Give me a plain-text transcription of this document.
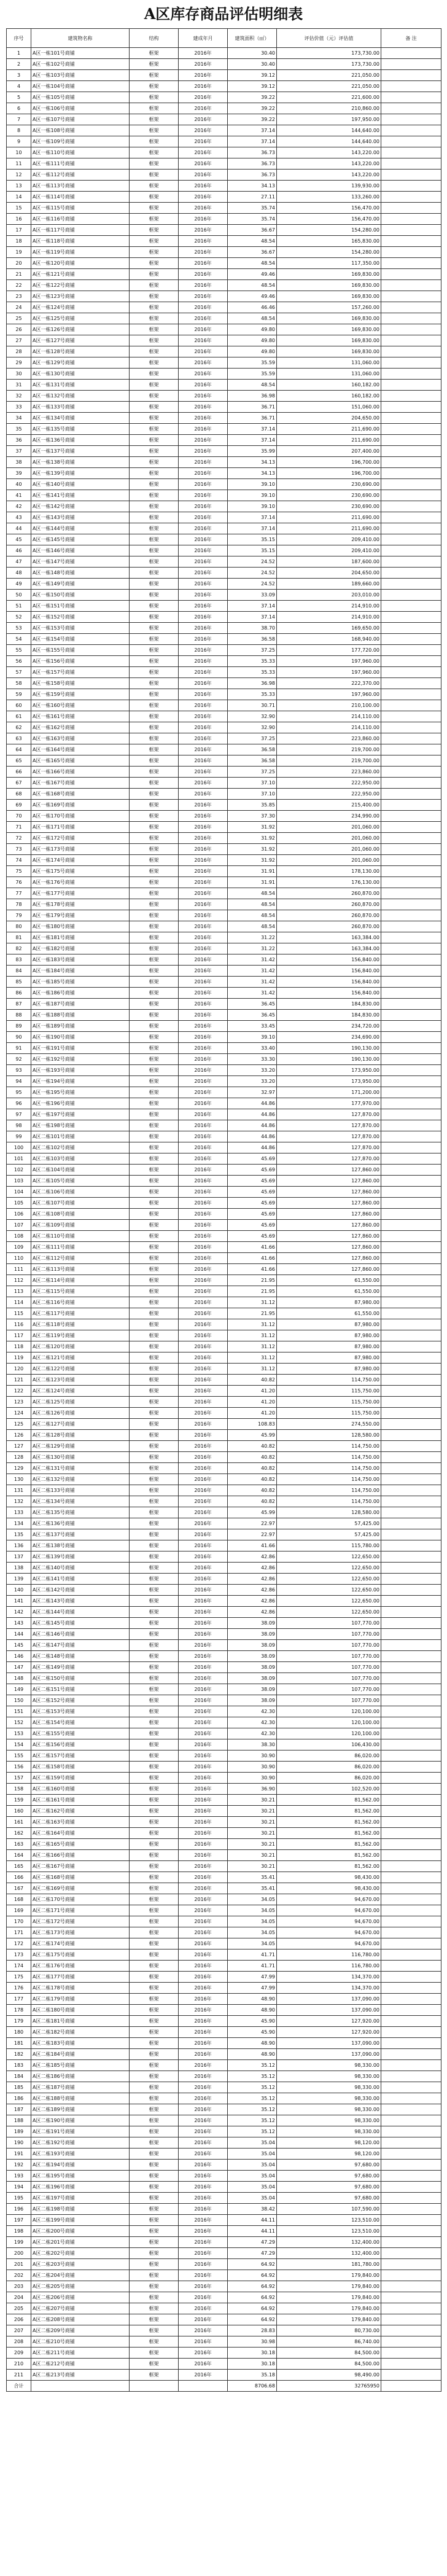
A区库存商品评估明细表
序号	建筑物名称	结构	建成年月	建筑面积（㎡）	评估价值（元）评估值	备 注
1	A区一栋101号商铺	框架	2016年	30.40	173,730.00	
2	A区一栋102号商铺	框架	2016年	30.40	173,730.00	
3	A区一栋103号商铺	框架	2016年	39.12	221,050.00	
4	A区一栋104号商铺	框架	2016年	39.12	221,050.00	
5	A区一栋105号商铺	框架	2016年	39.22	221,600.00	
6	A区一栋106号商铺	框架	2016年	39.22	210,860.00	
7	A区一栋107号商铺	框架	2016年	39.22	197,950.00	
8	A区一栋108号商铺	框架	2016年	37.14	144,640.00	
9	A区一栋109号商铺	框架	2016年	37.14	144,640.00	
10	A区一栋110号商铺	框架	2016年	36.73	143,220.00	
11	A区一栋111号商铺	框架	2016年	36.73	143,220.00	
12	A区一栋112号商铺	框架	2016年	36.73	143,220.00	
13	A区一栋113号商铺	框架	2016年	34.13	139,930.00	
14	A区一栋114号商铺	框架	2016年	27.11	133,260.00	
15	A区一栋115号商铺	框架	2016年	35.74	156,470.00	
16	A区一栋116号商铺	框架	2016年	35.74	156,470.00	
17	A区一栋117号商铺	框架	2016年	36.67	154,280.00	
18	A区一栋118号商铺	框架	2016年	48.54	165,830.00	
19	A区一栋119号商铺	框架	2016年	36.67	154,280.00	
20	A区一栋120号商铺	框架	2016年	48.54	117,350.00	
21	A区一栋121号商铺	框架	2016年	49.46	169,830.00	
22	A区一栋122号商铺	框架	2016年	48.54	169,830.00	
23	A区一栋123号商铺	框架	2016年	49.46	169,830.00	
24	A区一栋124号商铺	框架	2016年	46.46	157,260.00	
25	A区一栋125号商铺	框架	2016年	48.54	169,830.00	
26	A区一栋126号商铺	框架	2016年	49.80	169,830.00	
27	A区一栋127号商铺	框架	2016年	49.80	169,830.00	
28	A区一栋128号商铺	框架	2016年	49.80	169,830.00	
29	A区一栋129号商铺	框架	2016年	35.59	131,060.00	
30	A区一栋130号商铺	框架	2016年	35.59	131,060.00	
31	A区一栋131号商铺	框架	2016年	48.54	160,182.00	
32	A区一栋132号商铺	框架	2016年	36.98	160,182.00	
33	A区一栋133号商铺	框架	2016年	36.71	151,060.00	
34	A区一栋134号商铺	框架	2016年	36.71	204,650.00	
35	A区一栋135号商铺	框架	2016年	37.14	211,690.00	
36	A区一栋136号商铺	框架	2016年	37.14	211,690.00	
37	A区一栋137号商铺	框架	2016年	35.99	207,400.00	
38	A区一栋138号商铺	框架	2016年	34.13	196,700.00	
39	A区一栋139号商铺	框架	2016年	34.13	196,700.00	
40	A区一栋140号商铺	框架	2016年	39.10	230,690.00	
41	A区一栋141号商铺	框架	2016年	39.10	230,690.00	
42	A区一栋142号商铺	框架	2016年	39.10	230,690.00	
43	A区一栋143号商铺	框架	2016年	37.14	211,690.00	
44	A区一栋144号商铺	框架	2016年	37.14	211,690.00	
45	A区一栋145号商铺	框架	2016年	35.15	209,410.00	
46	A区一栋146号商铺	框架	2016年	35.15	209,410.00	
47	A区一栋147号商铺	框架	2016年	24.52	187,600.00	
48	A区一栋148号商铺	框架	2016年	24.52	204,650.00	
49	A区一栋149号商铺	框架	2016年	24.52	189,660.00	
50	A区一栋150号商铺	框架	2016年	33.09	203,010.00	
51	A区一栋151号商铺	框架	2016年	37.14	214,910.00	
52	A区一栋152号商铺	框架	2016年	37.14	214,910.00	
53	A区一栋153号商铺	框架	2016年	38.70	169,650.00	
54	A区一栋154号商铺	框架	2016年	36.58	168,940.00	
55	A区一栋155号商铺	框架	2016年	37.25	177,720.00	
56	A区一栋156号商铺	框架	2016年	35.33	197,960.00	
57	A区一栋157号商铺	框架	2016年	35.33	197,960.00	
58	A区一栋158号商铺	框架	2016年	36.98	222,370.00	
59	A区一栋159号商铺	框架	2016年	35.33	197,960.00	
60	A区一栋160号商铺	框架	2016年	30.71	210,100.00	
61	A区一栋161号商铺	框架	2016年	32.90	214,110.00	
62	A区一栋162号商铺	框架	2016年	32.90	214,110.00	
63	A区一栋163号商铺	框架	2016年	37.25	223,860.00	
64	A区一栋164号商铺	框架	2016年	36.58	219,700.00	
65	A区一栋165号商铺	框架	2016年	36.58	219,700.00	
66	A区一栋166号商铺	框架	2016年	37.25	223,860.00	
67	A区一栋167号商铺	框架	2016年	37.10	222,950.00	
68	A区一栋168号商铺	框架	2016年	37.10	222,950.00	
69	A区一栋169号商铺	框架	2016年	35.85	215,400.00	
70	A区一栋170号商铺	框架	2016年	37.30	234,990.00	
71	A区一栋171号商铺	框架	2016年	31.92	201,060.00	
72	A区一栋172号商铺	框架	2016年	31.92	201,060.00	
73	A区一栋173号商铺	框架	2016年	31.92	201,060.00	
74	A区一栋174号商铺	框架	2016年	31.92	201,060.00	
75	A区一栋175号商铺	框架	2016年	31.91	178,130.00	
76	A区一栋176号商铺	框架	2016年	31.91	176,130.00	
77	A区一栋177号商铺	框架	2016年	48.54	260,870.00	
78	A区一栋178号商铺	框架	2016年	48.54	260,870.00	
79	A区一栋179号商铺	框架	2016年	48.54	260,870.00	
80	A区一栋180号商铺	框架	2016年	48.54	260,870.00	
81	A区一栋181号商铺	框架	2016年	31.22	163,384.00	
82	A区一栋182号商铺	框架	2016年	31.22	163,384.00	
83	A区一栋183号商铺	框架	2016年	31.42	156,840.00	
84	A区一栋184号商铺	框架	2016年	31.42	156,840.00	
85	A区一栋185号商铺	框架	2016年	31.42	156,840.00	
86	A区一栋186号商铺	框架	2016年	31.42	156,840.00	
87	A区一栋187号商铺	框架	2016年	36.45	184,830.00	
88	A区一栋188号商铺	框架	2016年	36.45	184,830.00	
89	A区一栋189号商铺	框架	2016年	33.45	234,720.00	
90	A区一栋190号商铺	框架	2016年	39.10	234,690.00	
91	A区一栋191号商铺	框架	2016年	33.40	190,130.00	
92	A区一栋192号商铺	框架	2016年	33.30	190,130.00	
93	A区一栋193号商铺	框架	2016年	33.20	173,950.00	
94	A区一栋194号商铺	框架	2016年	33.20	173,950.00	
95	A区一栋195号商铺	框架	2016年	32.97	171,200.00	
96	A区一栋196号商铺	框架	2016年	44.86	177,970.00	
97	A区一栋197号商铺	框架	2016年	44.86	127,870.00	
98	A区一栋198号商铺	框架	2016年	44.86	127,870.00	
99	A区二栋101号商铺	框架	2016年	44.86	127,870.00	
100	A区二栋102号商铺	框架	2016年	44.86	127,870.00	
101	A区二栋103号商铺	框架	2016年	45.69	127,870.00	
102	A区二栋104号商铺	框架	2016年	45.69	127,860.00	
103	A区二栋105号商铺	框架	2016年	45.69	127,860.00	
104	A区二栋106号商铺	框架	2016年	45.69	127,860.00	
105	A区二栋107号商铺	框架	2016年	45.69	127,860.00	
106	A区二栋108号商铺	框架	2016年	45.69	127,860.00	
107	A区二栋109号商铺	框架	2016年	45.69	127,860.00	
108	A区二栋110号商铺	框架	2016年	45.69	127,860.00	
109	A区二栋111号商铺	框架	2016年	41.66	127,860.00	
110	A区二栋112号商铺	框架	2016年	41.66	127,860.00	
111	A区二栋113号商铺	框架	2016年	41.66	127,860.00	
112	A区二栋114号商铺	框架	2016年	21.95	61,550.00	
113	A区二栋115号商铺	框架	2016年	21.95	61,550.00	
114	A区二栋116号商铺	框架	2016年	31.12	87,980.00	
115	A区二栋117号商铺	框架	2016年	21.95	61,550.00	
116	A区二栋118号商铺	框架	2016年	31.12	87,980.00	
117	A区二栋119号商铺	框架	2016年	31.12	87,980.00	
118	A区二栋120号商铺	框架	2016年	31.12	87,980.00	
119	A区二栋121号商铺	框架	2016年	31.12	87,980.00	
120	A区二栋122号商铺	框架	2016年	31.12	87,980.00	
121	A区二栋123号商铺	框架	2016年	40.82	114,750.00	
122	A区二栋124号商铺	框架	2016年	41.20	115,750.00	
123	A区二栋125号商铺	框架	2016年	41.20	115,750.00	
124	A区二栋126号商铺	框架	2016年	41.20	115,750.00	
125	A区二栋127号商铺	框架	2016年	108.83	274,550.00	
126	A区二栋128号商铺	框架	2016年	45.99	128,580.00	
127	A区二栋129号商铺	框架	2016年	40.82	114,750.00	
128	A区二栋130号商铺	框架	2016年	40.82	114,750.00	
129	A区二栋131号商铺	框架	2016年	40.82	114,750.00	
130	A区二栋132号商铺	框架	2016年	40.82	114,750.00	
131	A区二栋133号商铺	框架	2016年	40.82	114,750.00	
132	A区二栋134号商铺	框架	2016年	40.82	114,750.00	
133	A区二栋135号商铺	框架	2016年	45.99	128,580.00	
134	A区二栋136号商铺	框架	2016年	22.97	57,425.00	
135	A区二栋137号商铺	框架	2016年	22.97	57,425.00	
136	A区二栋138号商铺	框架	2016年	41.66	115,780.00	
137	A区二栋139号商铺	框架	2016年	42.86	122,650.00	
138	A区二栋140号商铺	框架	2016年	42.86	122,650.00	
139	A区二栋141号商铺	框架	2016年	42.86	122,650.00	
140	A区二栋142号商铺	框架	2016年	42.86	122,650.00	
141	A区二栋143号商铺	框架	2016年	42.86	122,650.00	
142	A区二栋144号商铺	框架	2016年	42.86	122,650.00	
143	A区二栋145号商铺	框架	2016年	38.09	107,770.00	
144	A区二栋146号商铺	框架	2016年	38.09	107,770.00	
145	A区二栋147号商铺	框架	2016年	38.09	107,770.00	
146	A区二栋148号商铺	框架	2016年	38.09	107,770.00	
147	A区二栋149号商铺	框架	2016年	38.09	107,770.00	
148	A区二栋150号商铺	框架	2016年	38.09	107,770.00	
149	A区二栋151号商铺	框架	2016年	38.09	107,770.00	
150	A区二栋152号商铺	框架	2016年	38.09	107,770.00	
151	A区二栋153号商铺	框架	2016年	42.30	120,100.00	
152	A区二栋154号商铺	框架	2016年	42.30	120,100.00	
153	A区二栋155号商铺	框架	2016年	42.30	120,100.00	
154	A区二栋156号商铺	框架	2016年	38.30	106,430.00	
155	A区二栋157号商铺	框架	2016年	30.90	86,020.00	
156	A区二栋158号商铺	框架	2016年	30.90	86,020.00	
157	A区二栋159号商铺	框架	2016年	30.90	86,020.00	
158	A区二栋160号商铺	框架	2016年	36.90	102,520.00	
159	A区二栋161号商铺	框架	2016年	30.21	81,562.00	
160	A区二栋162号商铺	框架	2016年	30.21	81,562.00	
161	A区二栋163号商铺	框架	2016年	30.21	81,562.00	
162	A区二栋164号商铺	框架	2016年	30.21	81,562.00	
163	A区二栋165号商铺	框架	2016年	30.21	81,562.00	
164	A区二栋166号商铺	框架	2016年	30.21	81,562.00	
165	A区二栋167号商铺	框架	2016年	30.21	81,562.00	
166	A区二栋168号商铺	框架	2016年	35.41	98,430.00	
167	A区二栋169号商铺	框架	2016年	35.41	98,430.00	
168	A区二栋170号商铺	框架	2016年	34.05	94,670.00	
169	A区二栋171号商铺	框架	2016年	34.05	94,670.00	
170	A区二栋172号商铺	框架	2016年	34.05	94,670.00	
171	A区二栋173号商铺	框架	2016年	34.05	94,670.00	
172	A区二栋174号商铺	框架	2016年	34.05	94,670.00	
173	A区二栋175号商铺	框架	2016年	41.71	116,780.00	
174	A区二栋176号商铺	框架	2016年	41.71	116,780.00	
175	A区二栋177号商铺	框架	2016年	47.99	134,370.00	
176	A区二栋178号商铺	框架	2016年	47.99	134,370.00	
177	A区二栋179号商铺	框架	2016年	48.90	137,090.00	
178	A区二栋180号商铺	框架	2016年	48.90	137,090.00	
179	A区二栋181号商铺	框架	2016年	45.90	127,920.00	
180	A区二栋182号商铺	框架	2016年	45.90	127,920.00	
181	A区二栋183号商铺	框架	2016年	48.90	137,090.00	
182	A区二栋184号商铺	框架	2016年	48.90	137,090.00	
183	A区二栋185号商铺	框架	2016年	35.12	98,330.00	
184	A区二栋186号商铺	框架	2016年	35.12	98,330.00	
185	A区二栋187号商铺	框架	2016年	35.12	98,330.00	
186	A区二栋188号商铺	框架	2016年	35.12	98,330.00	
187	A区二栋189号商铺	框架	2016年	35.12	98,330.00	
188	A区二栋190号商铺	框架	2016年	35.12	98,330.00	
189	A区二栋191号商铺	框架	2016年	35.12	98,330.00	
190	A区二栋192号商铺	框架	2016年	35.04	98,120.00	
191	A区二栋193号商铺	框架	2016年	35.04	98,120.00	
192	A区二栋194号商铺	框架	2016年	35.04	97,680.00	
193	A区二栋195号商铺	框架	2016年	35.04	97,680.00	
194	A区二栋196号商铺	框架	2016年	35.04	97,680.00	
195	A区二栋197号商铺	框架	2016年	35.04	97,680.00	
196	A区二栋198号商铺	框架	2016年	38.42	107,590.00	
197	A区二栋199号商铺	框架	2016年	44.11	123,510.00	
198	A区二栋200号商铺	框架	2016年	44.11	123,510.00	
199	A区二栋201号商铺	框架	2016年	47.29	132,400.00	
200	A区二栋202号商铺	框架	2016年	47.29	132,400.00	
201	A区二栋203号商铺	框架	2016年	64.92	181,780.00	
202	A区二栋204号商铺	框架	2016年	64.92	179,840.00	
203	A区二栋205号商铺	框架	2016年	64.92	179,840.00	
204	A区二栋206号商铺	框架	2016年	64.92	179,840.00	
205	A区二栋207号商铺	框架	2016年	64.92	179,840.00	
206	A区二栋208号商铺	框架	2016年	64.92	179,840.00	
207	A区二栋209号商铺	框架	2016年	28.83	80,730.00	
208	A区二栋210号商铺	框架	2016年	30.98	86,740.00	
209	A区二栋211号商铺	框架	2016年	30.18	84,500.00	
210	A区二栋212号商铺	框架	2016年	30.18	84,500.00	
211	A区二栋213号商铺	框架	2016年	35.18	98,490.00	
合计				8706.68	32765950	
